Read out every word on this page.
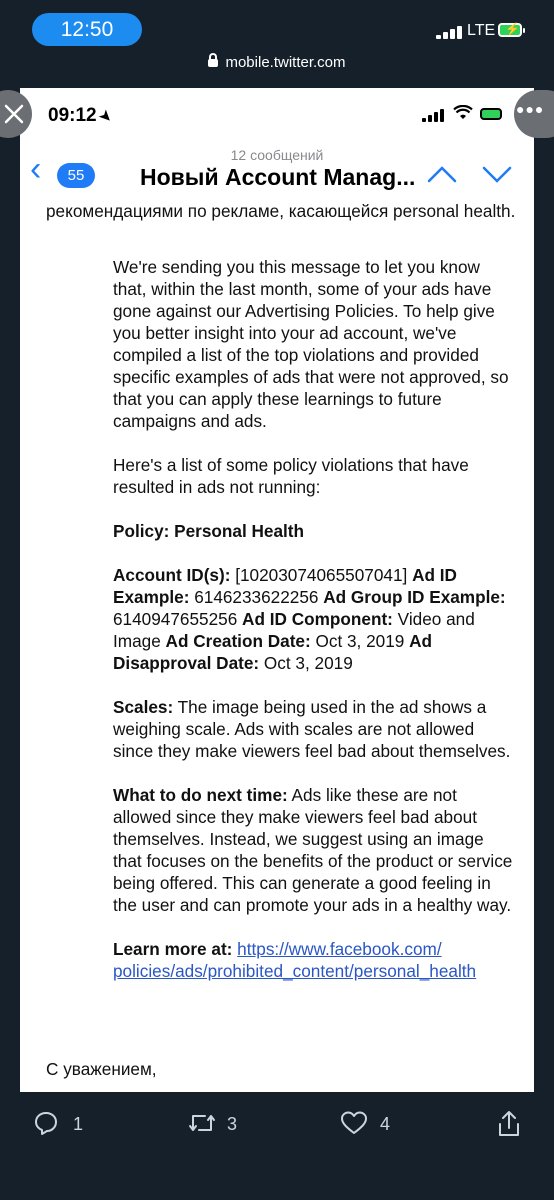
12:50	LTE ⚡
mobile.twitter.com
09:12➤
‹	55
12 сообщений
Новый Account Manag...
рекомендациями по рекламе, касающейся personal health.

We're sending you this message to let you know that, within the last month, some of your ads have gone against our Advertising Policies. To help give you better insight into your ad account, we've compiled a list of the top violations and provided specific examples of ads that were not approved, so that you can apply these learnings to future campaigns and ads.

Here's a list of some policy violations that have resulted in ads not running:

Policy: Personal Health

Account ID(s): [10203074065507041] Ad ID Example: 6146233622256 Ad Group ID Example: 6140947655256 Ad ID Component: Video and Image Ad Creation Date: Oct 3, 2019 Ad Disapproval Date: Oct 3, 2019

Scales: The image being used in the ad shows a weighing scale. Ads with scales are not allowed since they make viewers feel bad about themselves.

What to do next time: Ads like these are not allowed since they make viewers feel bad about themselves. Instead, we suggest using an image that focuses on the benefits of the product or service being offered. This can generate a good feeling in the user and can promote your ads in a healthy way.

Learn more at: https://www.facebook.com/
policies/ads/prohibited_content/personal_health

С уважением,
●●●
1	3	4
